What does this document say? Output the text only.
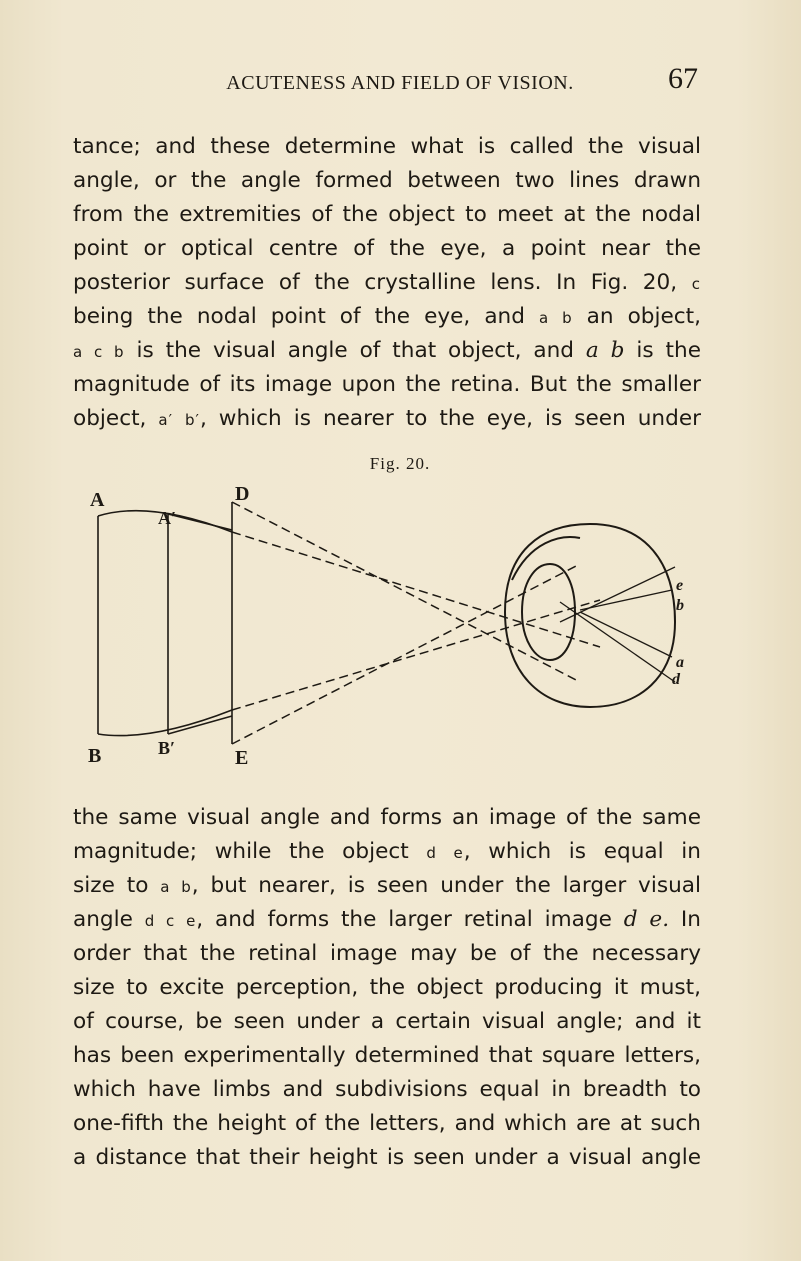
ACUTENESS AND FIELD OF VISION.	67
tance; and these determine what is called the visual
angle, or the angle formed between two lines drawn
from the extremities of the object to meet at the nodal
point or optical centre of the eye, a point near the
posterior surface of the crystalline lens. In Fig. 20, c
being the nodal point of the eye, and a b an object,
a c b is the visual angle of that object, and a b is the
magnitude of its image upon the retina. But the smaller
object, a′ b′, which is nearer to the eye, is seen under
Fig. 20.
A
A′
D
B	B′	E
e
b
a
d
the same visual angle and forms an image of the same
magnitude; while the object d e, which is equal in
size to a b, but nearer, is seen under the larger visual
angle d c e, and forms the larger retinal image d e. In
order that the retinal image may be of the necessary
size to excite perception, the object producing it must,
of course, be seen under a certain visual angle; and it
has been experimentally determined that square letters,
which have limbs and subdivisions equal in breadth to
one-fifth the height of the letters, and which are at such
a distance that their height is seen under a visual angle
